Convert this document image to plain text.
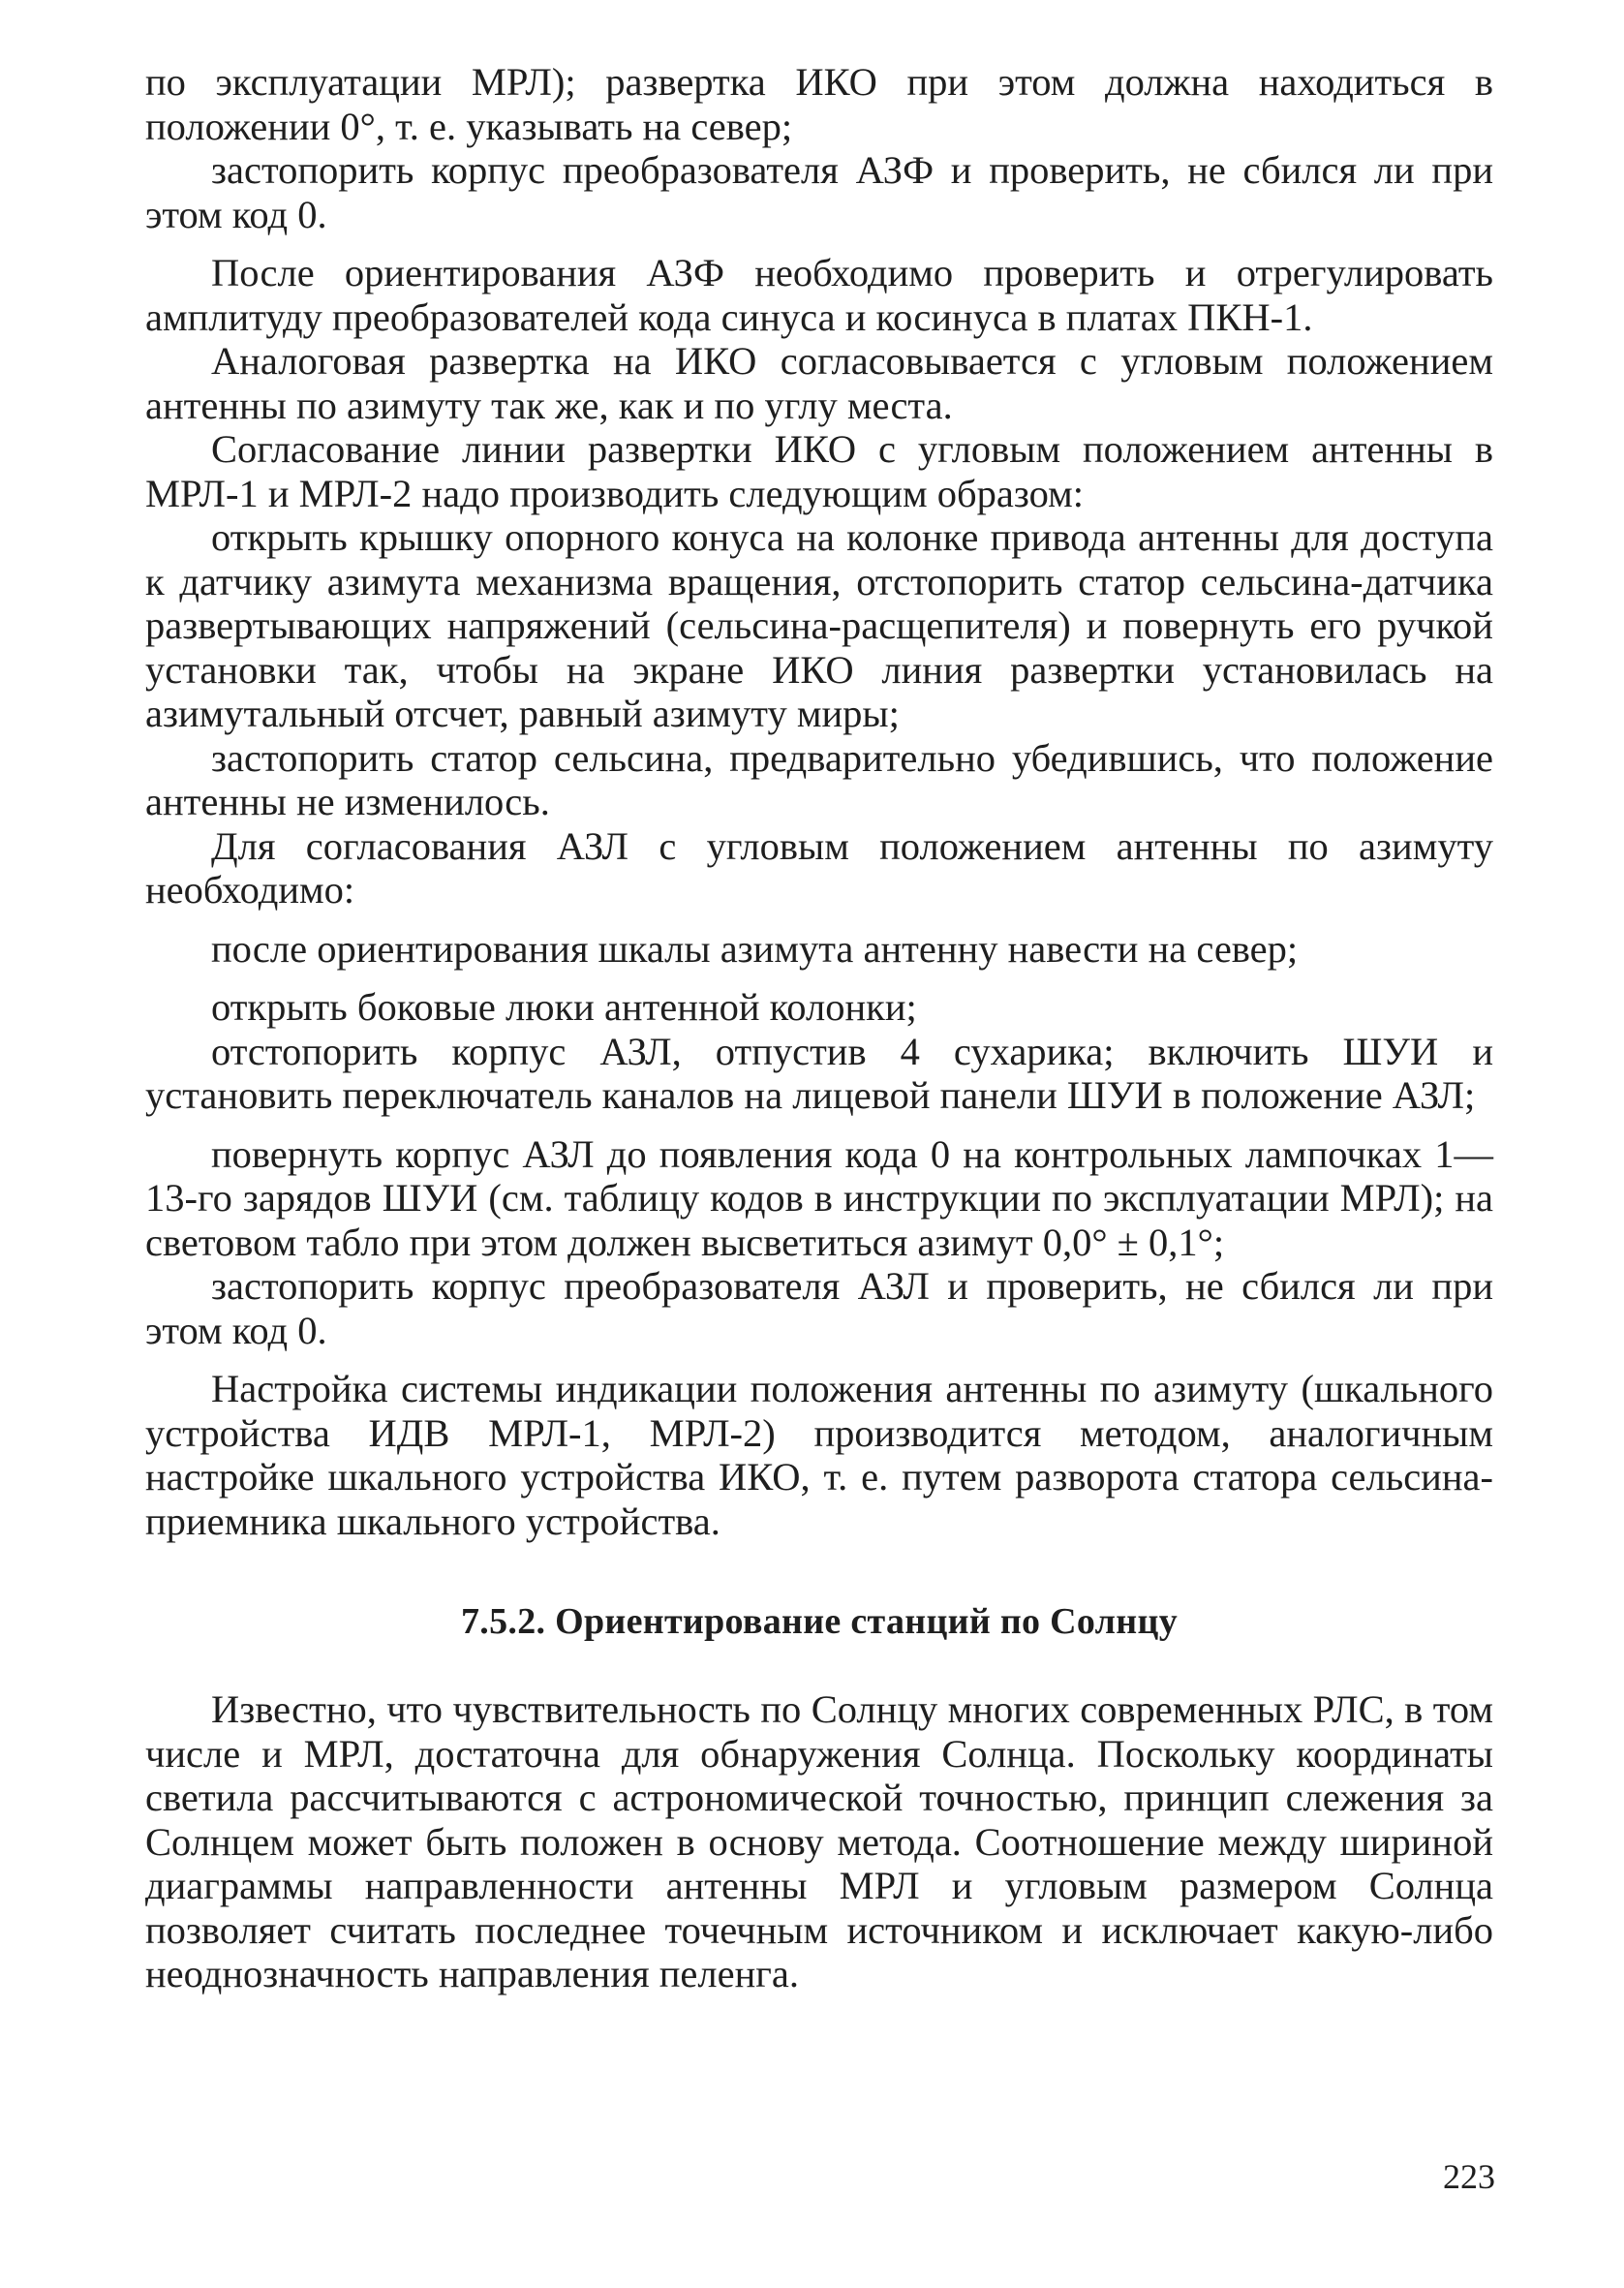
по эксплуатации МРЛ); развертка ИКО при этом должна находиться в положении 0°, т. е. указывать на север;

застопорить корпус преобразователя АЗФ и проверить, не сбился ли при этом код 0.

После ориентирования АЗФ необходимо проверить и отрегулировать амплитуду преобразователей кода синуса и косинуса в платах ПКН-1.

Аналоговая развертка на ИКО согласовывается с угловым положением антенны по азимуту так же, как и по углу места.

Согласование линии развертки ИКО с угловым положением антенны в МРЛ-1 и МРЛ-2 надо производить следующим образом:

открыть крышку опорного конуса на колонке привода антенны для доступа к датчику азимута механизма вращения, отстопорить статор сельсина-датчика развертывающих напряжений (сельсина-расщепителя) и повернуть его ручкой установки так, чтобы на экране ИКО линия развертки установилась на азимутальный отсчет, равный азимуту миры;

застопорить статор сельсина, предварительно убедившись, что положение антенны не изменилось.

Для согласования АЗЛ с угловым положением антенны по азимуту необходимо:

после ориентирования шкалы азимута антенну навести на север;

открыть боковые люки антенной колонки;

отстопорить корпус АЗЛ, отпустив 4 сухарика; включить ШУИ и установить переключатель каналов на лицевой панели ШУИ в положение АЗЛ;

повернуть корпус АЗЛ до появления кода 0 на контрольных лампочках 1—13-го зарядов ШУИ (см. таблицу кодов в инструкции по эксплуатации МРЛ); на световом табло при этом должен высветиться азимут 0,0° ± 0,1°;

застопорить корпус преобразователя АЗЛ и проверить, не сбился ли при этом код 0.

Настройка системы индикации положения антенны по азимуту (шкального устройства ИДВ МРЛ-1, МРЛ-2) производится методом, аналогичным настройке шкального устройства ИКО, т. е. путем разворота статора сельсина-приемника шкального устройства.

7.5.2. Ориентирование станций по Солнцу

Известно, что чувствительность по Солнцу многих современных РЛС, в том числе и МРЛ, достаточна для обнаружения Солнца. Поскольку координаты светила рассчитываются с астрономической точностью, принцип слежения за Солнцем может быть положен в основу метода. Соотношение между шириной диаграммы направленности антенны МРЛ и угловым размером Солнца позволяет считать последнее точечным источником и исключает какую-либо неоднозначность направления пеленга.

223
